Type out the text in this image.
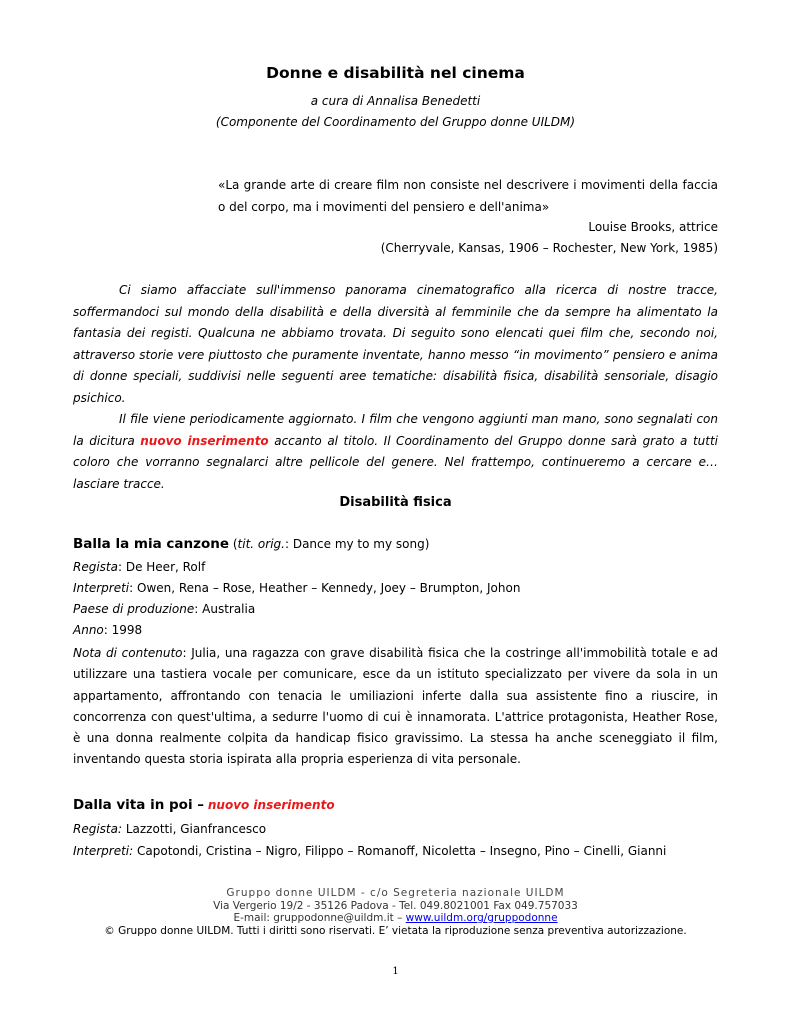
Donne e disabilità nel cinema
a cura di Annalisa Benedetti
(Componente del Coordinamento del Gruppo donne UILDM)
«La grande arte di creare film non consiste nel descrivere i movimenti della faccia o del corpo, ma i movimenti del pensiero e dell'anima»
Louise Brooks, attrice
(Cherryvale, Kansas, 1906 – Rochester, New York, 1985)

Ci siamo affacciate sull'immenso panorama cinematografico alla ricerca di nostre tracce, soffermandoci sul mondo della disabilità e della diversità al femminile che da sempre ha alimentato la fantasia dei registi. Qualcuna ne abbiamo trovata. Di seguito sono elencati quei film che, secondo noi, attraverso storie vere piuttosto che puramente inventate, hanno messo “in movimento” pensiero e anima di donne speciali, suddivisi nelle seguenti aree tematiche: disabilità fisica, disabilità sensoriale, disagio psichico.

Il file viene periodicamente aggiornato. I film che vengono aggiunti man mano, sono segnalati con la dicitura nuovo inserimento accanto al titolo. Il Coordinamento del Gruppo donne sarà grato a tutti coloro che vorranno segnalarci altre pellicole del genere. Nel frattempo, continueremo a cercare e… lasciare tracce.

Disabilità fisica
Balla la mia canzone (tit. orig.: Dance my to my song)
Regista: De Heer, Rolf
Interpreti: Owen, Rena – Rose, Heather – Kennedy, Joey – Brumpton, Johon
Paese di produzione: Australia
Anno: 1998
Nota di contenuto: Julia, una ragazza con grave disabilità fisica che la costringe all'immobilità totale e ad utilizzare una tastiera vocale per comunicare, esce da un istituto specializzato per vivere da sola in un appartamento, affrontando con tenacia le umiliazioni inferte dalla sua assistente fino a riuscire, in concorrenza con quest'ultima, a sedurre l'uomo di cui è innamorata. L'attrice protagonista, Heather Rose, è una donna realmente colpita da handicap fisico gravissimo. La stessa ha anche sceneggiato il film, inventando questa storia ispirata alla propria esperienza di vita personale.
Dalla vita in poi – nuovo inserimento
Regista: Lazzotti, Gianfrancesco
Interpreti: Capotondi, Cristina – Nigro, Filippo – Romanoff, Nicoletta – Insegno, Pino – Cinelli, Gianni
Gruppo donne UILDM - c/o Segreteria nazionale UILDM
Via Vergerio 19/2 - 35126 Padova - Tel. 049.8021001 Fax 049.757033
E-mail: gruppodonne@uildm.it – www.uildm.org/gruppodonne
© Gruppo donne UILDM. Tutti i diritti sono riservati. E’ vietata la riproduzione senza preventiva autorizzazione.
1
